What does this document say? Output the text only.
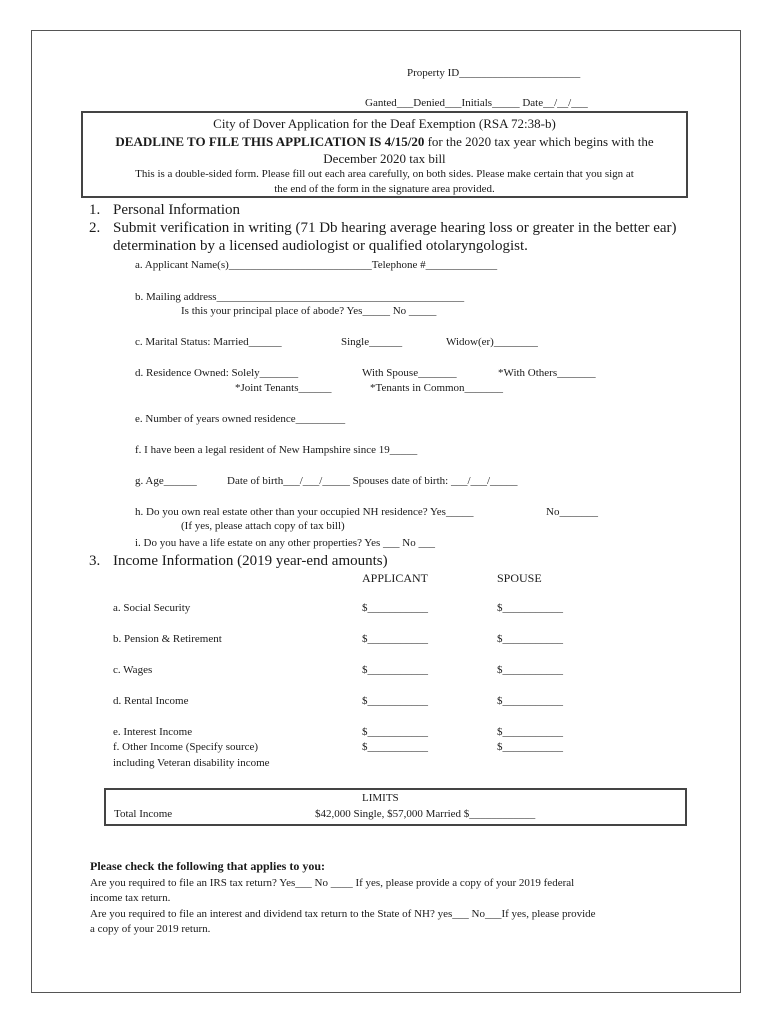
Property ID______________________
Ganted___Denied___Initials_____ Date__/__/___
City of Dover Application for the Deaf Exemption (RSA 72:38-b)
DEADLINE TO FILE THIS APPLICATION IS 4/15/20 for the 2020 tax year which begins with the
December 2020 tax bill
This is a double-sided form. Please fill out each area carefully, on both sides. Please make certain that you sign at
the end of the form in the signature area provided.
1. Personal Information
2. Submit verification in writing (71 Db hearing average hearing loss or greater in the better ear)
determination by a licensed audiologist or qualified otolaryngologist.
a. Applicant Name(s)__________________________Telephone #_____________
b. Mailing address_____________________________________________
Is this your principal place of abode? Yes_____ No _____
c. Marital Status: Married______	Single______	Widow(er)________
d. Residence Owned: Solely_______	With Spouse_______	*With Others_______
*Joint Tenants______	*Tenants in Common_______
e. Number of years owned residence_________
f. I have been a legal resident of New Hampshire since 19_____
g. Age______	Date of birth___/___/_____ Spouses date of birth: ___/___/_____
h. Do you own real estate other than your occupied NH residence? Yes_____	No_______
(If yes, please attach copy of tax bill)
i. Do you have a life estate on any other properties? Yes ___ No ___
3. Income Information (2019 year-end amounts)
APPLICANT	SPOUSE
a. Social Security	$___________	$___________
b. Pension & Retirement	$___________	$___________
c. Wages	$___________	$___________
d. Rental Income	$___________	$___________
e. Interest Income	$___________	$___________
f. Other Income (Specify source)	$___________	$___________
including Veteran disability income
LIMITS
Total Income	$42,000 Single, $57,000 Married $____________
Please check the following that applies to you:
Are you required to file an IRS tax return? Yes___ No ____ If yes, please provide a copy of your 2019 federal
income tax return.
Are you required to file an interest and dividend tax return to the State of NH? yes___ No___If yes, please provide
a copy of your 2019 return.
